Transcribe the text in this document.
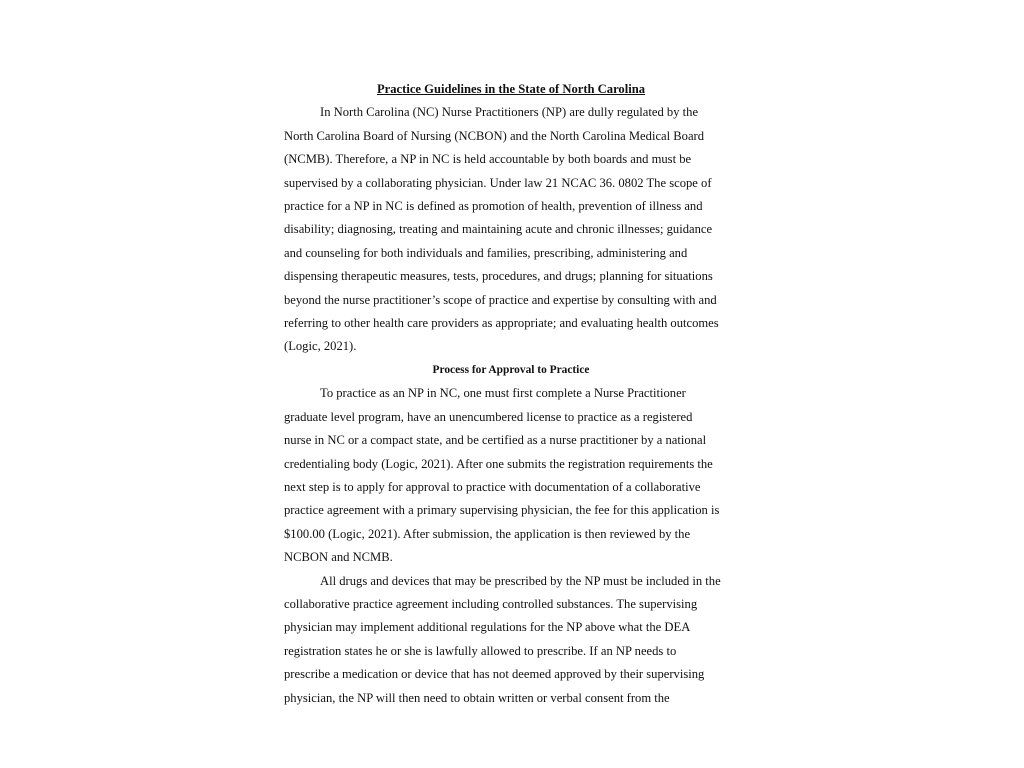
Practice Guidelines in the State of North Carolina

In North Carolina (NC) Nurse Practitioners (NP) are dully regulated by the
North Carolina Board of Nursing (NCBON) and the North Carolina Medical Board
(NCMB). Therefore, a NP in NC is held accountable by both boards and must be
supervised by a collaborating physician. Under law 21 NCAC 36. 0802 The scope of
practice for a NP in NC is defined as promotion of health, prevention of illness and
disability; diagnosing, treating and maintaining acute and chronic illnesses; guidance
and counseling for both individuals and families, prescribing, administering and
dispensing therapeutic measures, tests, procedures, and drugs; planning for situations
beyond the nurse practitioner’s scope of practice and expertise by consulting with and
referring to other health care providers as appropriate; and evaluating health outcomes
(Logic, 2021).

Process for Approval to Practice

To practice as an NP in NC, one must first complete a Nurse Practitioner
graduate level program, have an unencumbered license to practice as a registered
nurse in NC or a compact state, and be certified as a nurse practitioner by a national
credentialing body (Logic, 2021). After one submits the registration requirements the
next step is to apply for approval to practice with documentation of a collaborative
practice agreement with a primary supervising physician, the fee for this application is
$100.00 (Logic, 2021). After submission, the application is then reviewed by the
NCBON and NCMB.

All drugs and devices that may be prescribed by the NP must be included in the
collaborative practice agreement including controlled substances. The supervising
physician may implement additional regulations for the NP above what the DEA
registration states he or she is lawfully allowed to prescribe. If an NP needs to
prescribe a medication or device that has not deemed approved by their supervising
physician, the NP will then need to obtain written or verbal consent from the
